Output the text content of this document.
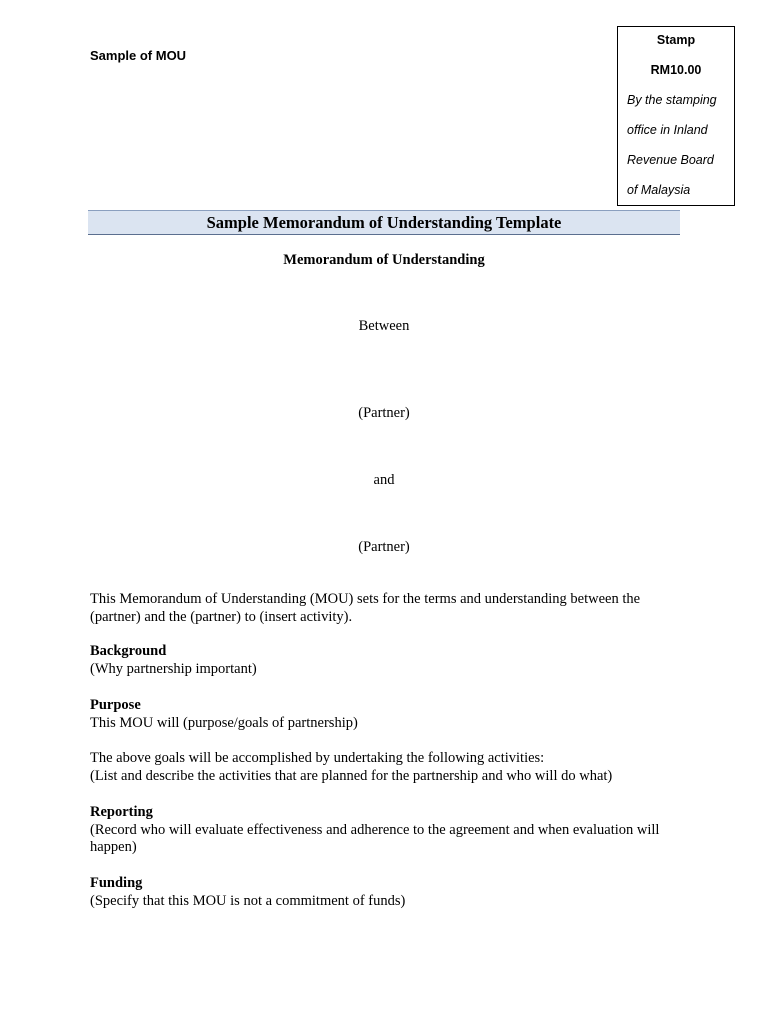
Sample of MOU
Stamp
RM10.00
By the stamping
office in Inland
Revenue Board
of Malaysia
Sample Memorandum of Understanding Template
Memorandum of Understanding
Between
(Partner)
and
(Partner)
This Memorandum of Understanding (MOU) sets for the terms and understanding between the (partner) and the (partner) to (insert activity).
Background
(Why partnership important)
Purpose
This MOU will (purpose/goals of partnership)
The above goals will be accomplished by undertaking the following activities:
(List and describe the activities that are planned for the partnership and who will do what)
Reporting
(Record who will evaluate effectiveness and adherence to the agreement and when evaluation will happen)
Funding
(Specify that this MOU is not a commitment of funds)
